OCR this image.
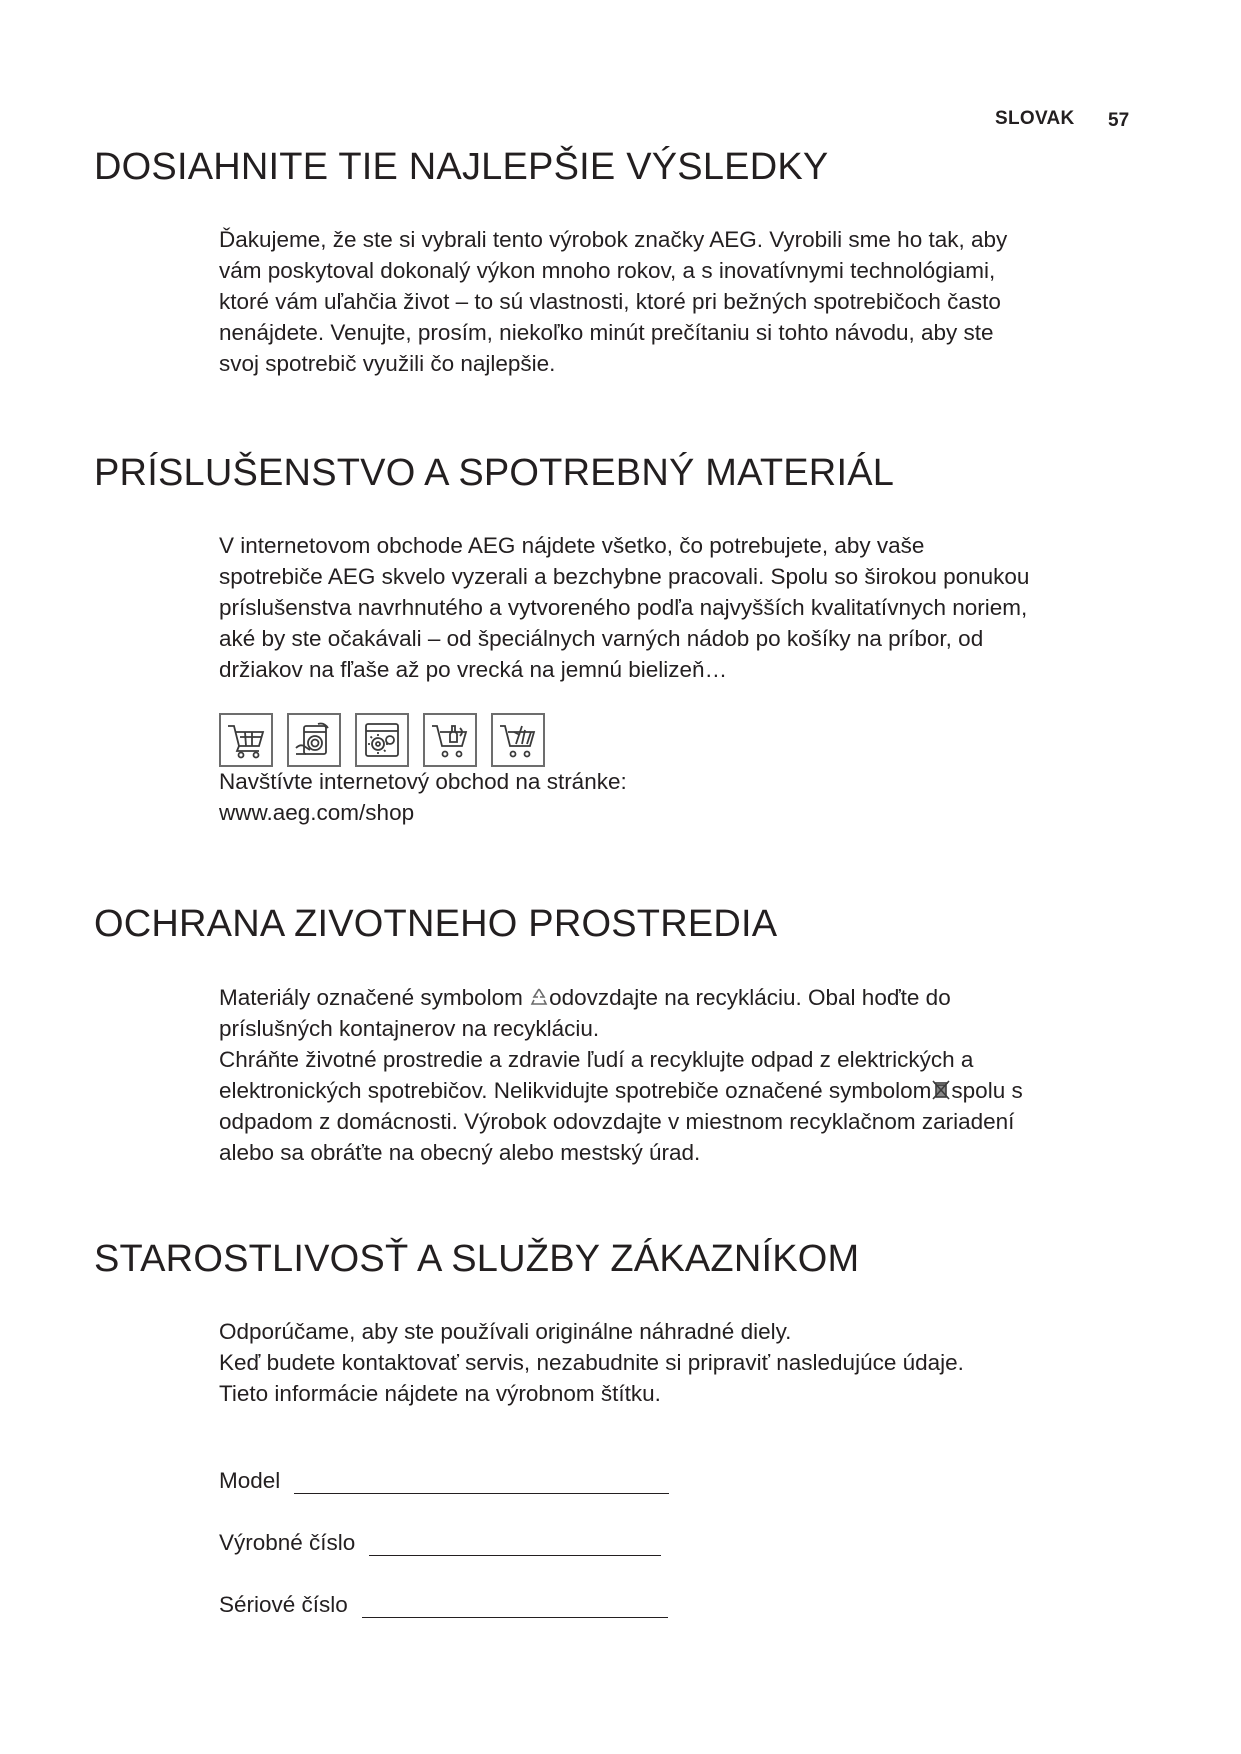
SLOVAK 57
DOSIAHNITE TIE NAJLEPŠIE VÝSLEDKY
Ďakujeme, že ste si vybrali tento výrobok značky AEG. Vyrobili sme ho tak, aby
vám poskytoval dokonalý výkon mnoho rokov, a s inovatívnymi technológiami,
ktoré vám uľahčia život – to sú vlastnosti, ktoré pri bežných spotrebičoch často
nenájdete. Venujte, prosím, niekoľko minút prečítaniu si tohto návodu, aby ste
svoj spotrebič využili čo najlepšie.
PRÍSLUŠENSTVO A SPOTREBNÝ MATERIÁL
V internetovom obchode AEG nájdete všetko, čo potrebujete, aby vaše
spotrebiče AEG skvelo vyzerali a bezchybne pracovali. Spolu so širokou ponukou
príslušenstva navrhnutého a vytvoreného podľa najvyšších kvalitatívnych noriem,
aké by ste očakávali – od špeciálnych varných nádob po košíky na príbor, od
držiakov na fľaše až po vrecká na jemnú bielizeň…
Navštívte internetový obchod na stránke:
www.aeg.com/shop
OCHRANA ZIVOTNEHO PROSTREDIA
Materiály označené symbolom odovzdajte na recykláciu. Obal hoďte do
príslušných kontajnerov na recykláciu.
Chráňte životné prostredie a zdravie ľudí a recyklujte odpad z elektrických a
elektronických spotrebičov. Nelikvidujte spotrebiče označené symbolom spolu s
odpadom z domácnosti. Výrobok odovzdajte v miestnom recyklačnom zariadení
alebo sa obráťte na obecný alebo mestský úrad.
STAROSTLIVOSŤ A SLUŽBY ZÁKAZNÍKOM
Odporúčame, aby ste používali originálne náhradné diely.
Keď budete kontaktovať servis, nezabudnite si pripraviť nasledujúce údaje.
Tieto informácie nájdete na výrobnom štítku.
Model
Výrobné číslo
Sériové číslo
